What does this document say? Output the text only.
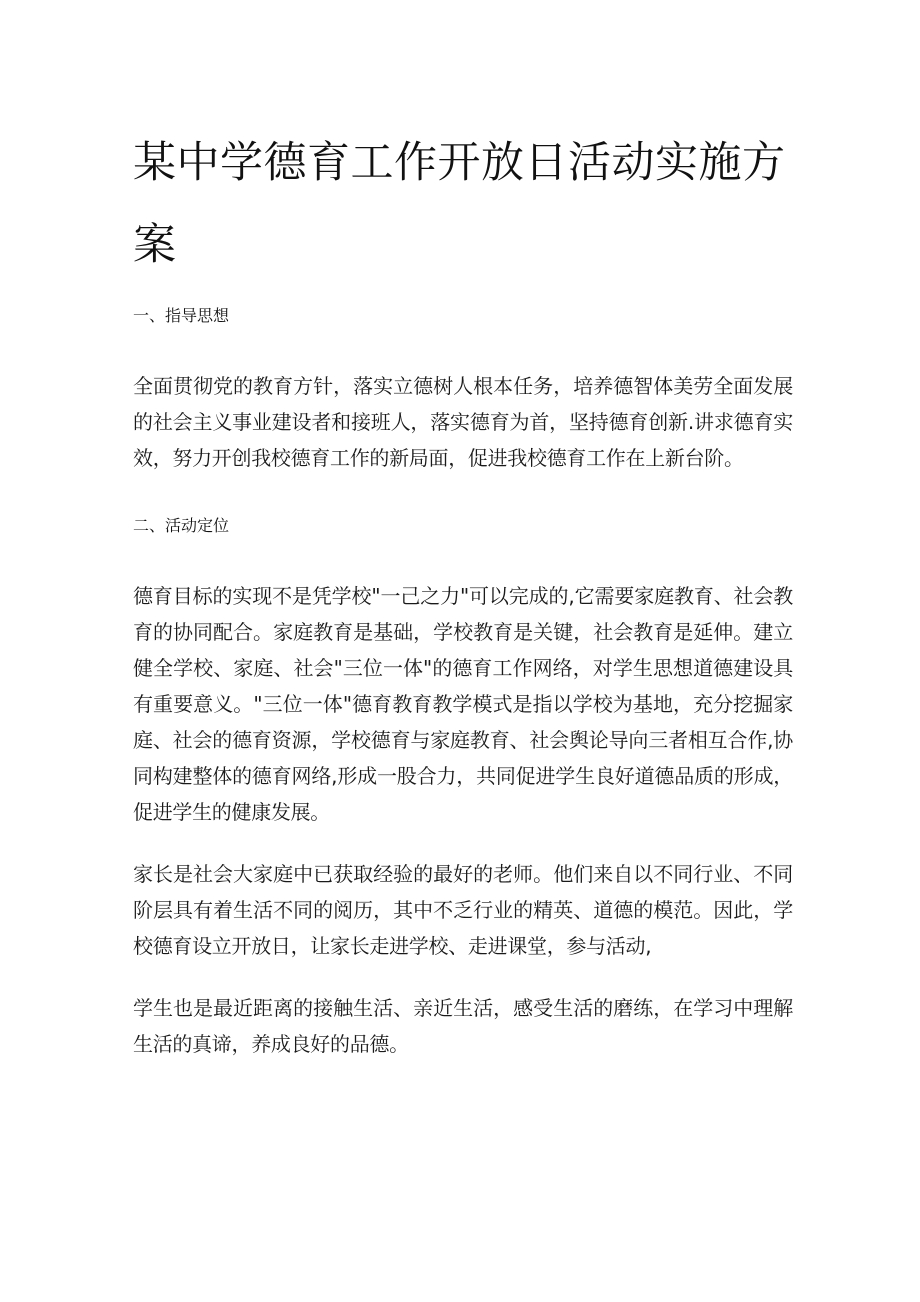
某中学德育工作开放日活动实施方
案
一、指导思想

全面贯彻党的教育方针，落实立德树人根本任务，培养德智体美劳全面发展的社会主义事业建设者和接班人，落实德育为首，坚持德育创新.讲求德育实效，努力开创我校德育工作的新局面，促进我校德育工作在上新台阶。

二、活动定位

德育目标的实现不是凭学校"一己之力"可以完成的,它需要家庭教育、社会教育的协同配合。家庭教育是基础，学校教育是关键，社会教育是延伸。建立健全学校、家庭、社会"三位一体"的德育工作网络，对学生思想道德建设具有重要意义。"三位一体"德育教育教学模式是指以学校为基地，充分挖掘家庭、社会的德育资源，学校德育与家庭教育、社会舆论导向三者相互合作,协同构建整体的德育网络,形成一股合力，共同促进学生良好道德品质的形成，促进学生的健康发展。

家长是社会大家庭中已获取经验的最好的老师。他们来自以不同行业、不同阶层具有着生活不同的阅历，其中不乏行业的精英、道德的模范。因此，学校德育设立开放日，让家长走进学校、走进课堂，参与活动,

学生也是最近距离的接触生活、亲近生活，感受生活的磨练，在学习中理解生活的真谛，养成良好的品德。
